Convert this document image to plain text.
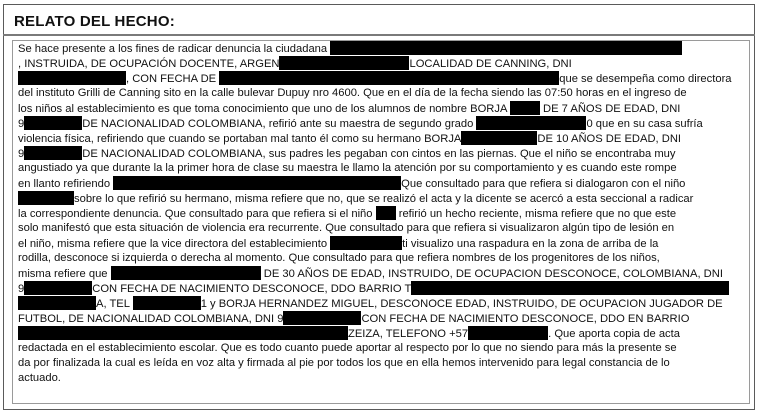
RELATO DEL HECHO:
Se hace presente a los fines de radicar denuncia la ciudadana
, INSTRUIDA, DE OCUPACIÓN DOCENTE, ARGEN	LOCALIDAD DE CANNING, DNI
, CON FECHA DE	que se desempeña como directora
del instituto Grilli de Canning sito en la calle bulevar Dupuy nro 4600. Que en el día de la fecha siendo las 07:50 horas en el ingreso de
los niños al establecimiento es que toma conocimiento que uno de los alumnos de nombre BORJA	DE 7 AÑOS DE EDAD, DNI
9	DE NACIONALIDAD COLOMBIANA, refirió ante su maestra de segundo grado	0 que en su casa sufría
violencia física, refiriendo que cuando se portaban mal tanto él como su hermano BORJA	DE 10 AÑOS DE EDAD, DNI
9	DE NACIONALIDAD COLOMBIANA, sus padres les pegaban con cintos en las piernas. Que el niño se encontraba muy
angustiado ya que durante la la primer hora de clase su maestra le llamo la atención por su comportamiento y es cuando este rompe
en llanto refiriendo	Que consultado para que refiera si dialogaron con el niño
sobre lo que refirió su hermano, misma refiere que no, que se realizó el acta y la dicente se acercó a esta seccional a radicar
la correspondiente denuncia. Que consultado para que refiera si el niño  refirió un hecho reciente, misma refiere que no que este
solo manifestó que esta situación de violencia era recurrente. Que consultado para que refiera si visualizaron algún tipo de lesión en
el niño, misma refiere que la vice directora del establecimiento	ti visualizo una raspadura en la zona de arriba de la
rodilla, desconoce si izquierda o derecha al momento. Que consultado para que refiera nombres de los progenitores de los niños,
misma refiere que	DE 30 AÑOS DE EDAD, INSTRUIDO, DE OCUPACION DESCONOCE, COLOMBIANA, DNI
9	CON FECHA DE NACIMIENTO DESCONOCE, DDO BARRIO T
A, TEL	1 y BORJA HERNANDEZ MIGUEL, DESCONOCE EDAD, INSTRUIDO, DE OCUPACION JUGADOR DE
FUTBOL, DE NACIONALIDAD COLOMBIANA, DNI 9	CON FECHA DE NACIMIENTO DESCONOCE, DDO EN BARRIO
ZEIZA, TELEFONO +57	. Que aporta copia de acta
redactada en el establecimiento escolar. Que es todo cuanto puede aportar al respecto por lo que no siendo para más la presente se
da por finalizada la cual es leída en voz alta y firmada al pie por todos los que en ella hemos intervenido para legal constancia de lo
actuado.
